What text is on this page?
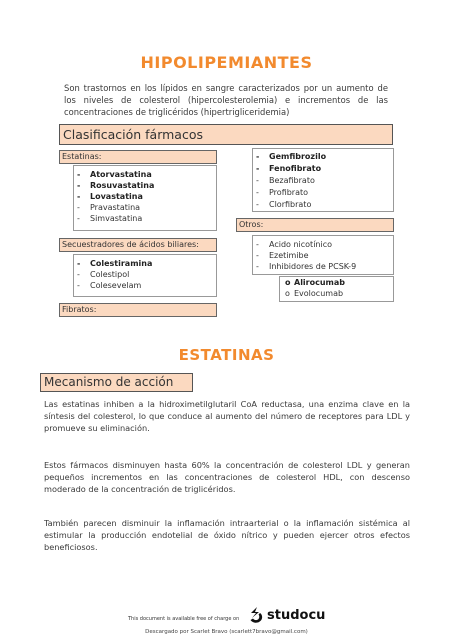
HIPOLIPEMIANTES
Son trastornos en los lípidos en sangre caracterizados por un aumento de los niveles de colesterol (hipercolesterolemia) e incrementos de las concentraciones de triglicéridos (hipertrigliceridemia)
Clasificación fármacos
Estatinas:
- Atorvastatina
- Rosuvastatina
- Lovastatina
- Pravastatina
- Simvastatina
Secuestradores de ácidos biliares:
- Colestiramina
- Colestipol
- Colesevelam
Fibratos:
- Gemfibrozilo
- Fenofibrato
- Bezafibrato
- Profibrato
- Clorfibrato
Otros:
- Acido nicotínico
- Ezetimibe
- Inhibidores de PCSK-9
o Alirocumab
o Evolocumab
ESTATINAS
Mecanismo de acción
Las estatinas inhiben a la hidroximetilglutaril CoA reductasa, una enzima clave en la síntesis del colesterol, lo que conduce al aumento del número de receptores para LDL y promueve su eliminación.
Estos fármacos disminuyen hasta 60% la concentración de colesterol LDL y generan pequeños incrementos en las concentraciones de colesterol HDL, con descenso moderado de la concentración de triglicéridos.
También parecen disminuir la inflamación intraarterial o la inflamación sistémica al estimular la producción endotelial de óxido nítrico y pueden ejercer otros efectos beneficiosos.
This document is available free of charge on studocu
Descargado por Scarlet Bravo (scarlett7bravo@gmail.com)
